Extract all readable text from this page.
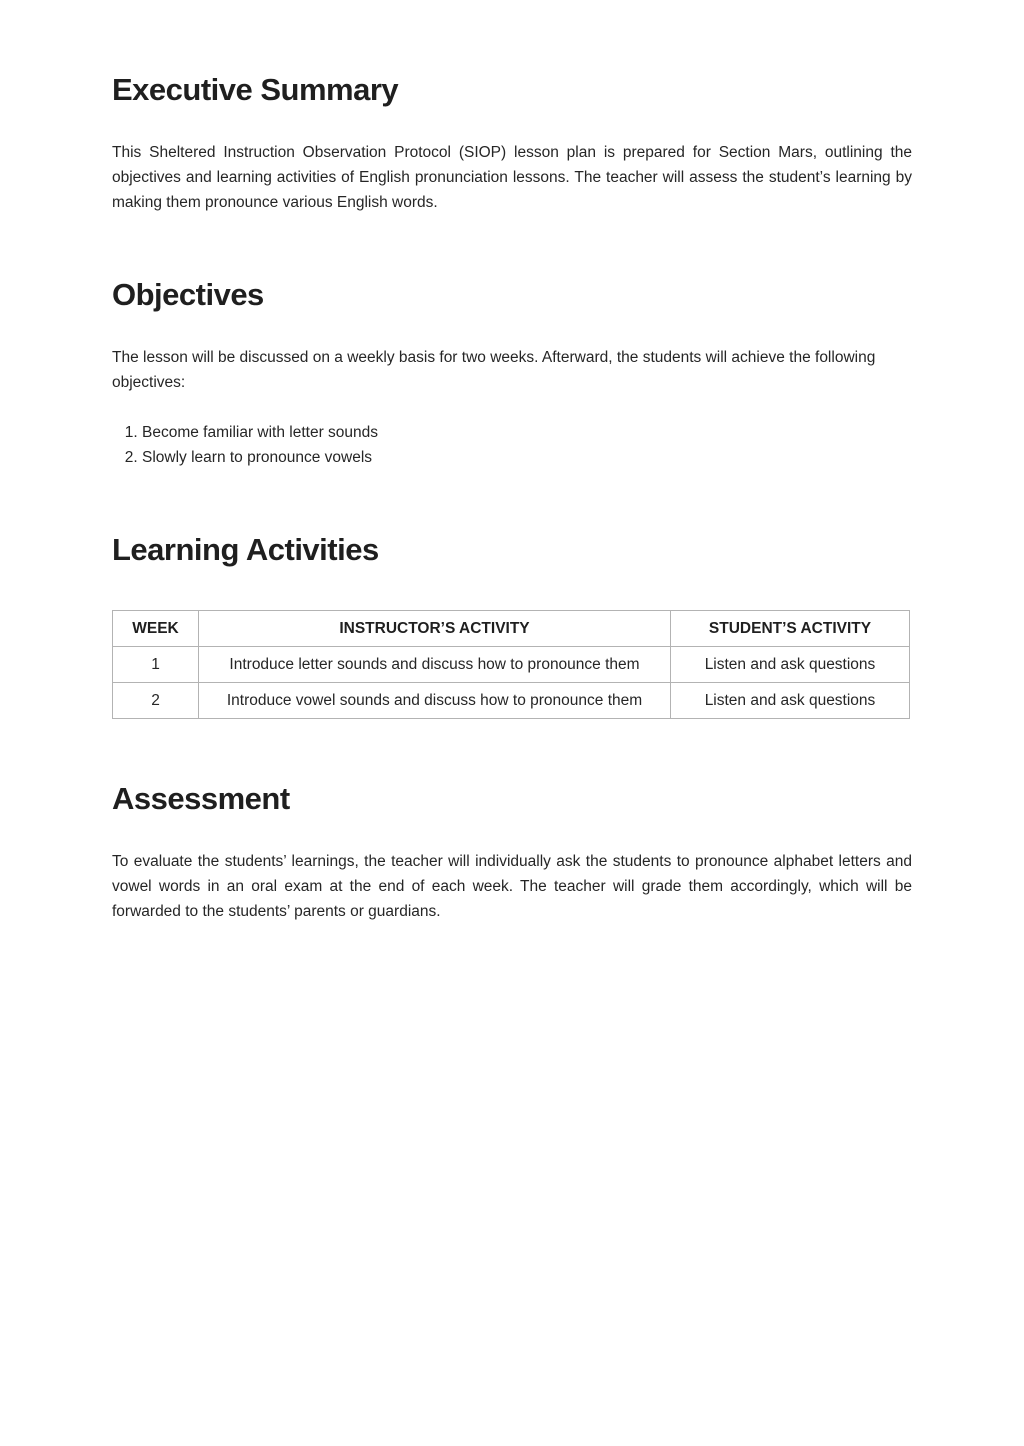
Executive Summary

This Sheltered Instruction Observation Protocol (SIOP) lesson plan is prepared for Section Mars, outlining the objectives and learning activities of English pronunciation lessons. The teacher will assess the student’s learning by making them pronounce various English words.

Objectives

The lesson will be discussed on a weekly basis for two weeks. Afterward, the students will achieve the following objectives:

1. Become familiar with letter sounds
2. Slowly learn to pronounce vowels
Learning Activities
WEEK	INSTRUCTOR’S ACTIVITY	STUDENT’S ACTIVITY
1	Introduce letter sounds and discuss how to pronounce them	Listen and ask questions
2	Introduce vowel sounds and discuss how to pronounce them	Listen and ask questions
Assessment

To evaluate the students’ learnings, the teacher will individually ask the students to pronounce alphabet letters and vowel words in an oral exam at the end of each week. The teacher will grade them accordingly, which will be forwarded to the students’ parents or guardians.
